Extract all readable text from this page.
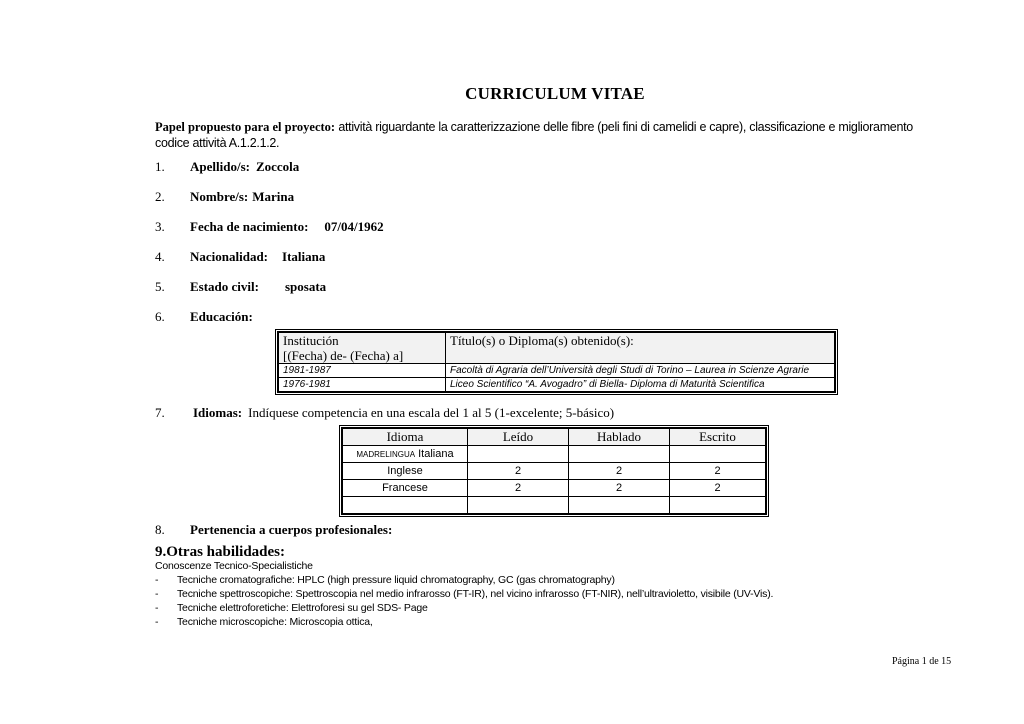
CURRICULUM VITAE
Papel propuesto para el proyecto: attività riguardante la caratterizzazione delle fibre (peli fini di camelidi e capre), classificazione e miglioramento
codice attività A.1.2.1.2.
1. Apellido/s: Zoccola
2. Nombre/s: Marina
3. Fecha de nacimiento: 07/04/1962
4. Nacionalidad: Italiana
5. Estado civil: sposata
6. Educación:
Institución
[(Fecha) de- (Fecha) a]	Título(s) o Diploma(s) obtenido(s):
1981-1987	Facoltà di Agraria dell’Università degli Studi di Torino – Laurea in Scienze Agrarie
1976-1981	Liceo Scientifico “A. Avogadro” di Biella- Diploma di Maturità Scientifica
7. Idiomas: Indíquese competencia en una escala del 1 al 5 (1-excelente; 5-básico)
Idioma	Leído	Hablado	Escrito
MADRELINGUA Italiana			
Inglese	2	2	2
Francese	2	2	2

8. Pertenencia a cuerpos profesionales:
9.Otras habilidades:
Conoscenze Tecnico-Specialistiche
-	Tecniche cromatografiche: HPLC (high pressure liquid chromatography, GC (gas chromatography)
-	Tecniche spettroscopiche: Spettroscopia nel medio infrarosso (FT-IR), nel vicino infrarosso (FT-NIR), nell’ultravioletto, visibile (UV-Vis).
-	Tecniche elettroforetiche: Elettroforesi su gel SDS- Page
-	Tecniche microscopiche: Microscopia ottica,
Página 1 de 15
